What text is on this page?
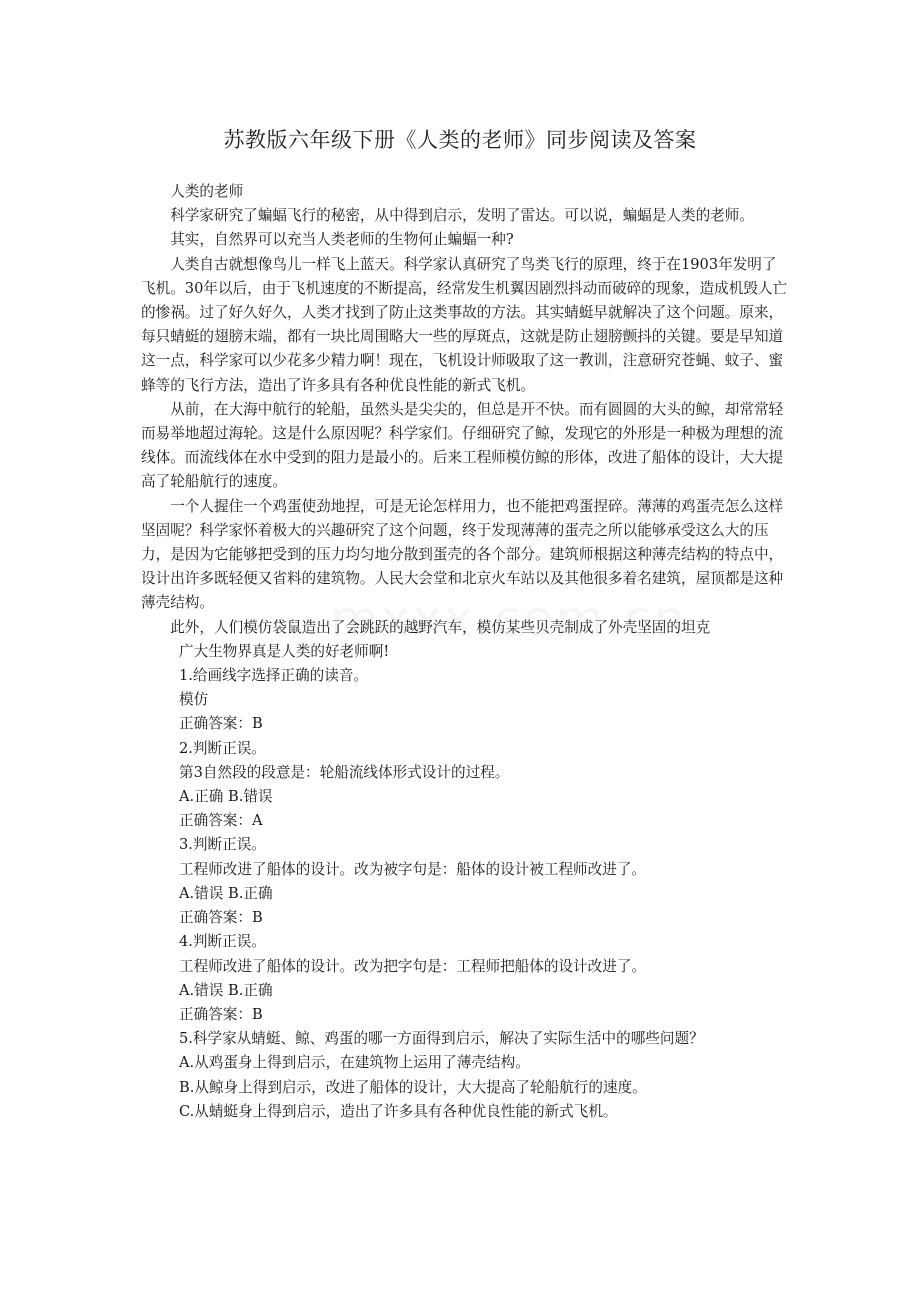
苏教版六年级下册《人类的老师》同步阅读及答案

人类的老师

科学家研究了蝙蝠飞行的秘密，从中得到启示，发明了雷达。可以说，蝙蝠是人类的老师。

其实，自然界可以充当人类老师的生物何止蝙蝠一种?

人类自古就想像鸟儿一样飞上蓝天。科学家认真研究了鸟类飞行的原理，终于在1903年发明了飞机。30年以后，由于飞机速度的不断提高，经常发生机翼因剧烈抖动而破碎的现象，造成机毁人亡的惨祸。过了好久好久，人类才找到了防止这类事故的方法。其实蜻蜓早就解决了这个问题。原来，每只蜻蜓的翅膀末端，都有一块比周围略大一些的厚斑点，这就是防止翅膀颤抖的关键。要是早知道这一点，科学家可以少花多少精力啊！现在，飞机设计师吸取了这一教训，注意研究苍蝇、蚊子、蜜蜂等的飞行方法，造出了许多具有各种优良性能的新式飞机。

从前，在大海中航行的轮船，虽然头是尖尖的，但总是开不快。而有圆圆的大头的鲸，却常常轻而易举地超过海轮。这是什么原因呢？科学家们。仔细研究了鲸，发现它的外形是一种极为理想的流线体。而流线体在水中受到的阻力是最小的。后来工程师模仿鲸的形体，改进了船体的设计，大大提高了轮船航行的速度。

一个人握住一个鸡蛋使劲地捏，可是无论怎样用力，也不能把鸡蛋捏碎。薄薄的鸡蛋壳怎么这样坚固呢？科学家怀着极大的兴趣研究了这个问题，终于发现薄薄的蛋壳之所以能够承受这么大的压力，是因为它能够把受到的压力均匀地分散到蛋壳的各个部分。建筑师根据这种薄壳结构的特点中，设计出许多既轻便又省料的建筑物。人民大会堂和北京火车站以及其他很多着名建筑，屋顶都是这种薄壳结构。

此外，人们模仿袋鼠造出了会跳跃的越野汽车，模仿某些贝壳制成了外壳坚固的坦克

广大生物界真是人类的好老师啊!

1.给画线字选择正确的读音。

模仿

正确答案：B

2.判断正误。

第3自然段的段意是：轮船流线体形式设计的过程。

A.正确 B.错误

正确答案：A

3.判断正误。

工程师改进了船体的设计。改为被字句是：船体的设计被工程师改进了。

A.错误 B.正确

正确答案：B

4.判断正误。

工程师改进了船体的设计。改为把字句是：工程师把船体的设计改进了。

A.错误 B.正确

正确答案：B

5.科学家从蜻蜓、鲸、鸡蛋的哪一方面得到启示，解决了实际生活中的哪些问题？

A.从鸡蛋身上得到启示，在建筑物上运用了薄壳结构。

B.从鲸身上得到启示，改进了船体的设计，大大提高了轮船航行的速度。

C.从蜻蜓身上得到启示，造出了许多具有各种优良性能的新式飞机。
